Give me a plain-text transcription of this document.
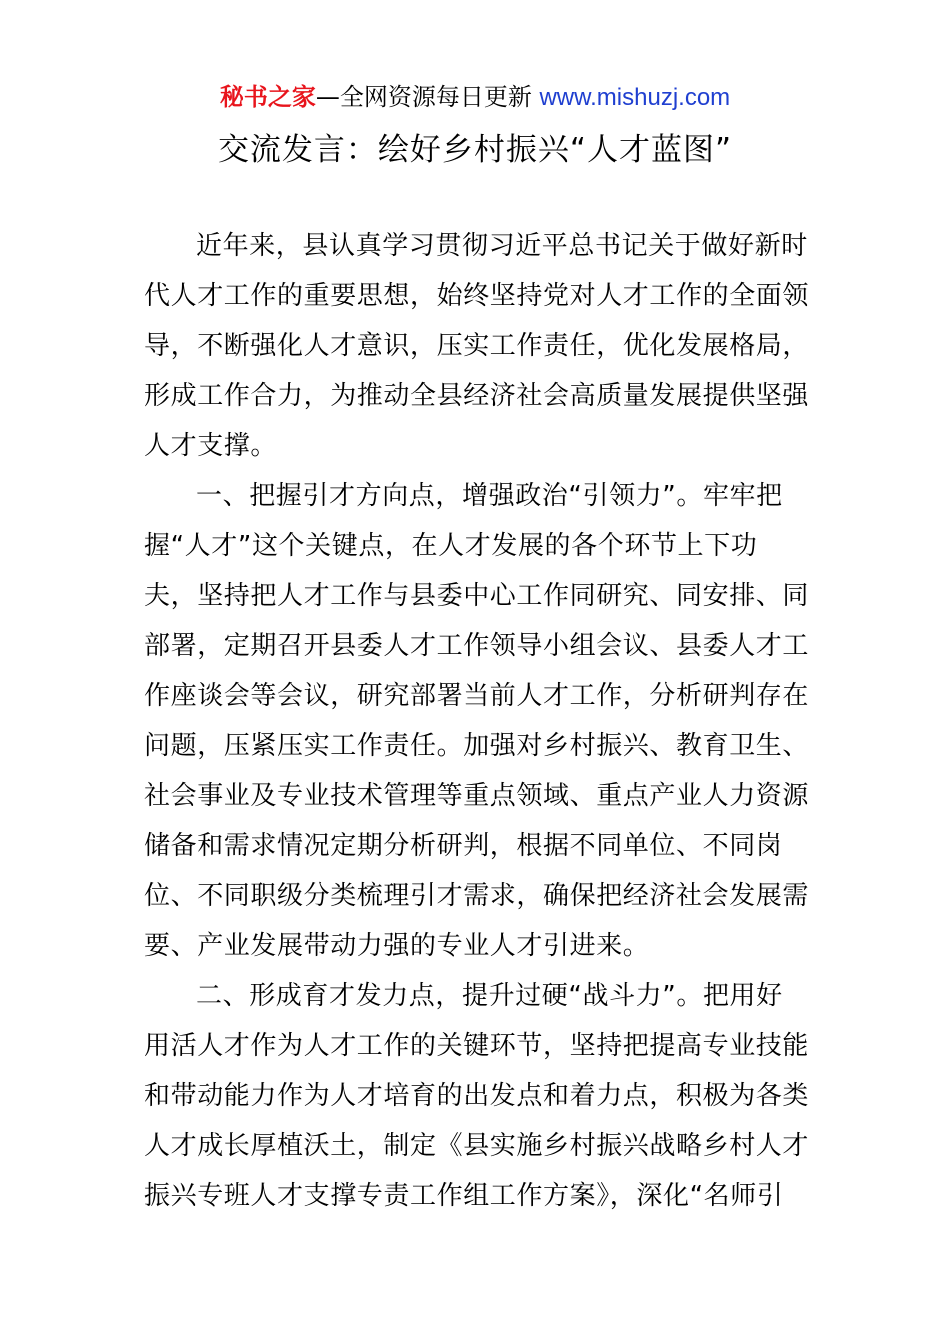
秘书之家—全网资源每日更新 www.mishuzj.com
交流发言：绘好乡村振兴“人才蓝图”
近年来，县认真学习贯彻习近平总书记关于做好新时
代人才工作的重要思想，始终坚持党对人才工作的全面领
导，不断强化人才意识，压实工作责任，优化发展格局，
形成工作合力，为推动全县经济社会高质量发展提供坚强
人才支撑。
一、把握引才方向点，增强政治“引领力”。牢牢把
握“人才”这个关键点，在人才发展的各个环节上下功
夫，坚持把人才工作与县委中心工作同研究、同安排、同
部署，定期召开县委人才工作领导小组会议、县委人才工
作座谈会等会议，研究部署当前人才工作，分析研判存在
问题，压紧压实工作责任。加强对乡村振兴、教育卫生、
社会事业及专业技术管理等重点领域、重点产业人力资源
储备和需求情况定期分析研判，根据不同单位、不同岗
位、不同职级分类梳理引才需求，确保把经济社会发展需
要、产业发展带动力强的专业人才引进来。
二、形成育才发力点，提升过硬“战斗力”。把用好
用活人才作为人才工作的关键环节，坚持把提高专业技能
和带动能力作为人才培育的出发点和着力点，积极为各类
人才成长厚植沃土，制定《县实施乡村振兴战略乡村人才
振兴专班人才支撑专责工作组工作方案》，深化“名师引
